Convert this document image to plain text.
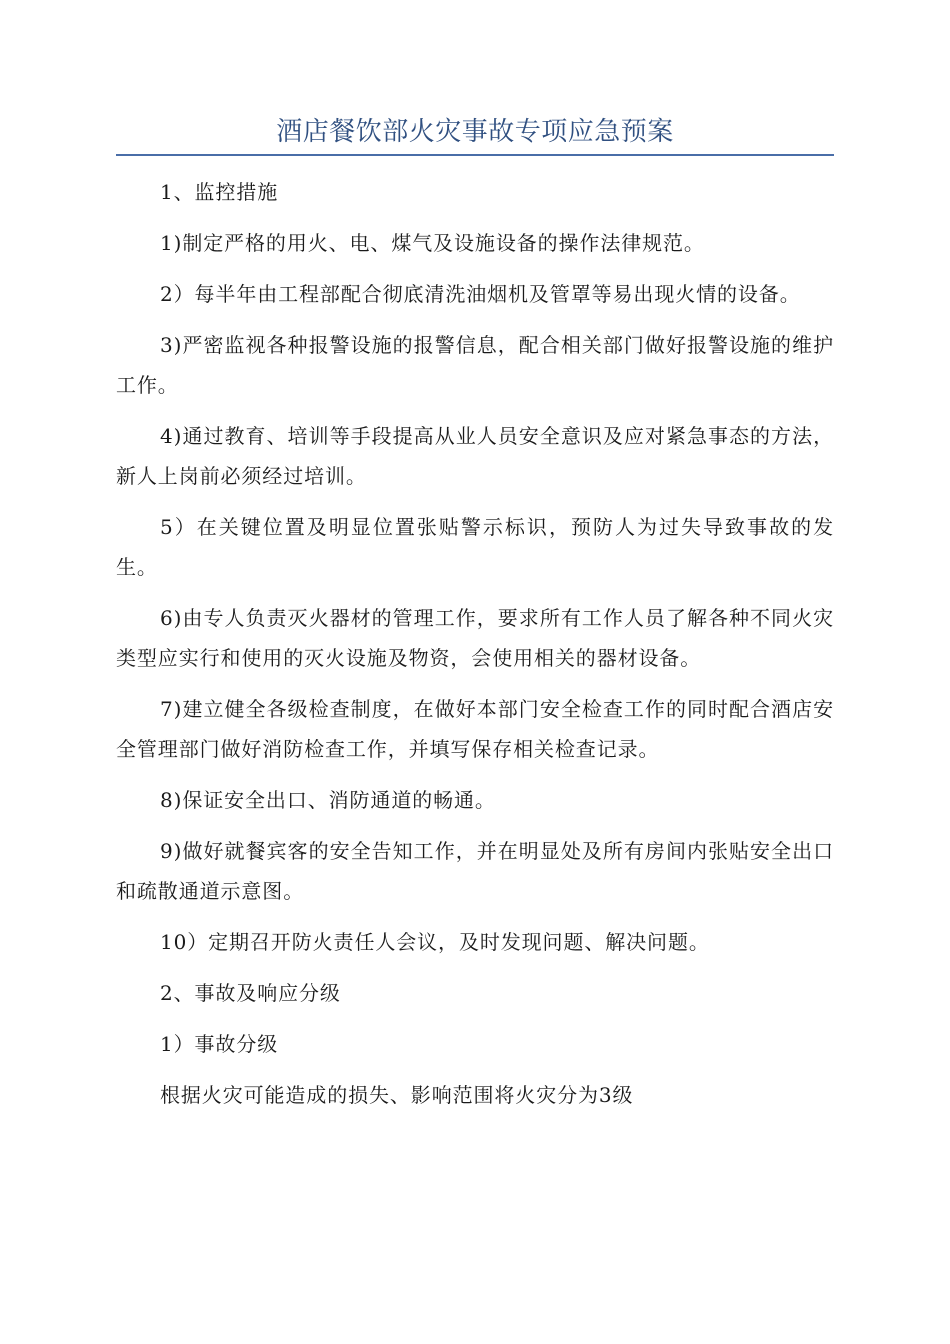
酒店餐饮部火灾事故专项应急预案

1、监控措施

1)制定严格的用火、电、煤气及设施设备的操作法律规范。

2）每半年由工程部配合彻底清洗油烟机及管罩等易出现火情的设备。

3)严密监视各种报警设施的报警信息，配合相关部门做好报警设施的维护工作。

4)通过教育、培训等手段提高从业人员安全意识及应对紧急事态的方法，新人上岗前必须经过培训。

5）在关键位置及明显位置张贴警示标识，预防人为过失导致事故的发生。

6)由专人负责灭火器材的管理工作，要求所有工作人员了解各种不同火灾类型应实行和使用的灭火设施及物资，会使用相关的器材设备。

7)建立健全各级检查制度，在做好本部门安全检查工作的同时配合酒店安全管理部门做好消防检查工作，并填写保存相关检查记录。

8)保证安全出口、消防通道的畅通。

9)做好就餐宾客的安全告知工作，并在明显处及所有房间内张贴安全出口和疏散通道示意图。

10）定期召开防火责任人会议，及时发现问题、解决问题。

2、事故及响应分级

1）事故分级

根据火灾可能造成的损失、影响范围将火灾分为3级
